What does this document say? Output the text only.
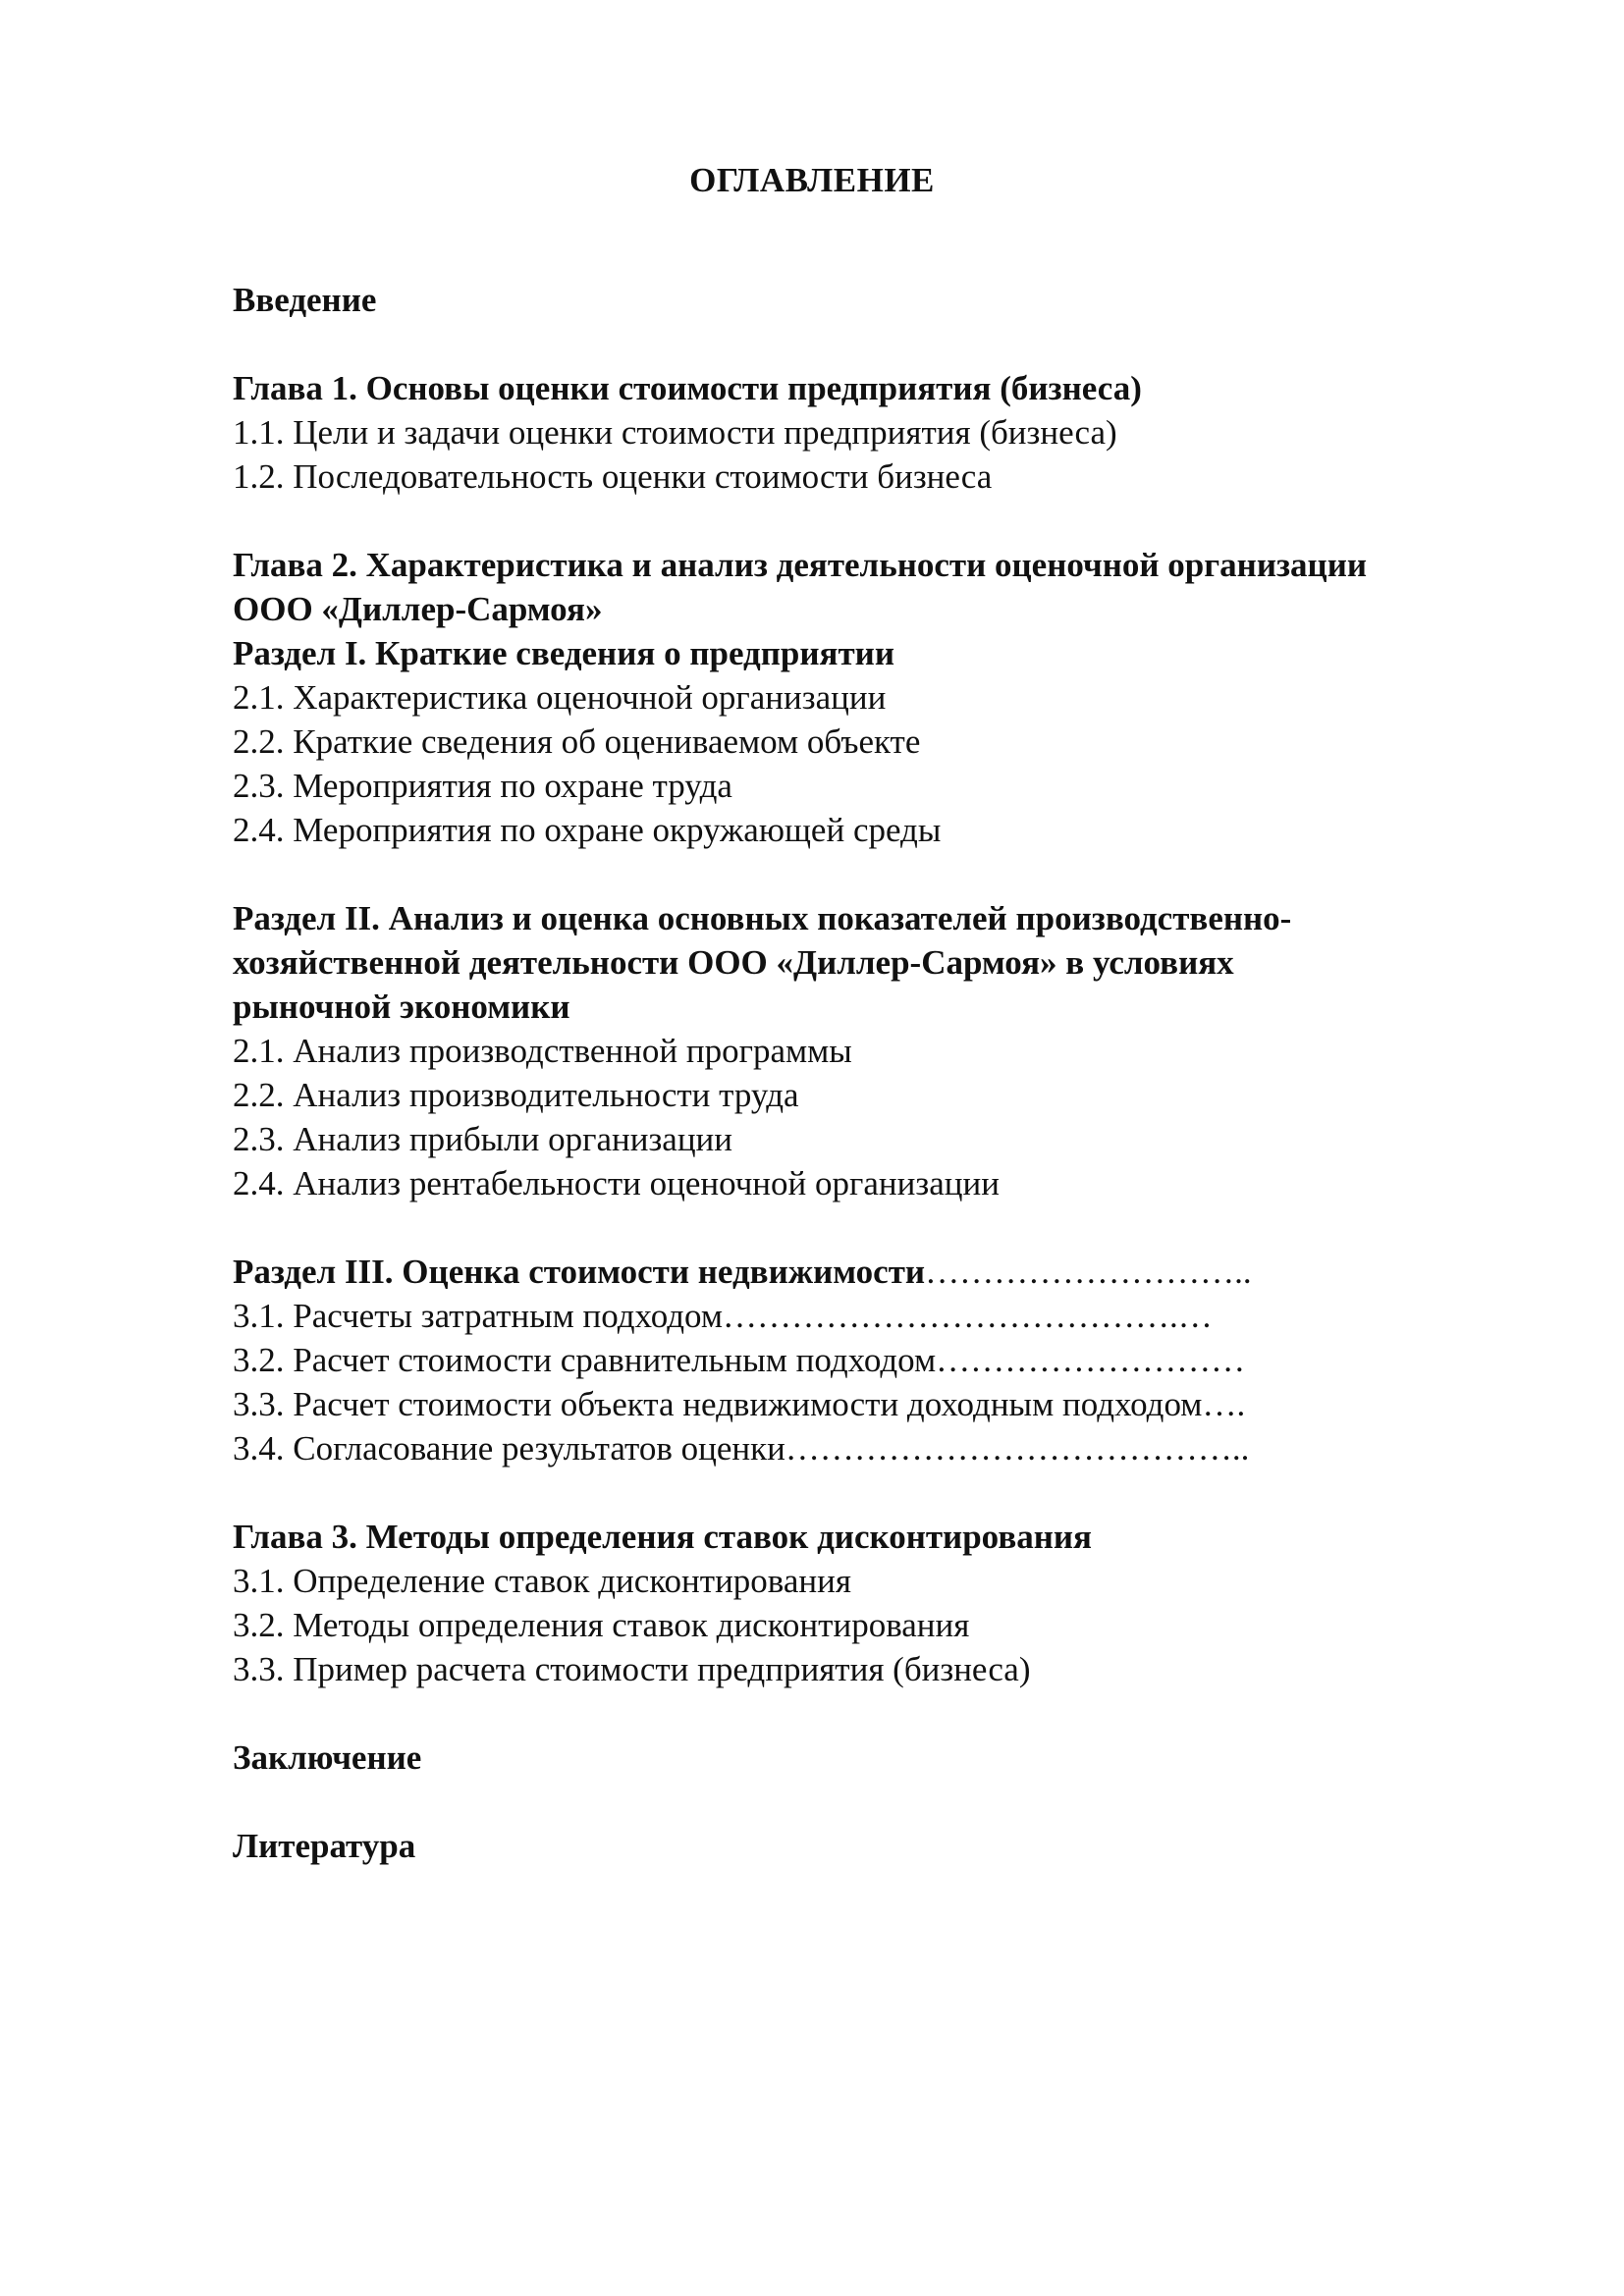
ОГЛАВЛЕНИЕ
Введение
Глава 1. Основы оценки стоимости предприятия (бизнеса)
1.1. Цели и задачи оценки стоимости предприятия (бизнеса)
1.2. Последовательность оценки стоимости бизнеса
Глава 2. Характеристика и анализ деятельности оценочной организации
ООО «Диллер-Сармоя»
Раздел I. Краткие сведения о предприятии
2.1. Характеристика оценочной организации
2.2. Краткие сведения об оцениваемом объекте
2.3. Мероприятия по охране труда
2.4. Мероприятия по охране окружающей среды
Раздел II. Анализ и оценка основных показателей производственно-
хозяйственной деятельности ООО «Диллер-Сармоя» в условиях
рыночной экономики
2.1. Анализ производственной программы
2.2. Анализ производительности труда
2.3. Анализ прибыли организации
2.4. Анализ рентабельности оценочной организации
Раздел III. Оценка стоимости недвижимости………………………..
3.1. Расчеты затратным подходом………………………………….…
3.2. Расчет стоимости сравнительным подходом………………………
3.3. Расчет стоимости объекта недвижимости доходным подходом….
3.4. Согласование результатов оценки…………………………………..
Глава 3. Методы определения ставок дисконтирования
3.1. Определение ставок дисконтирования
3.2. Методы определения ставок дисконтирования
3.3. Пример расчета стоимости предприятия (бизнеса)
Заключение
Литература
